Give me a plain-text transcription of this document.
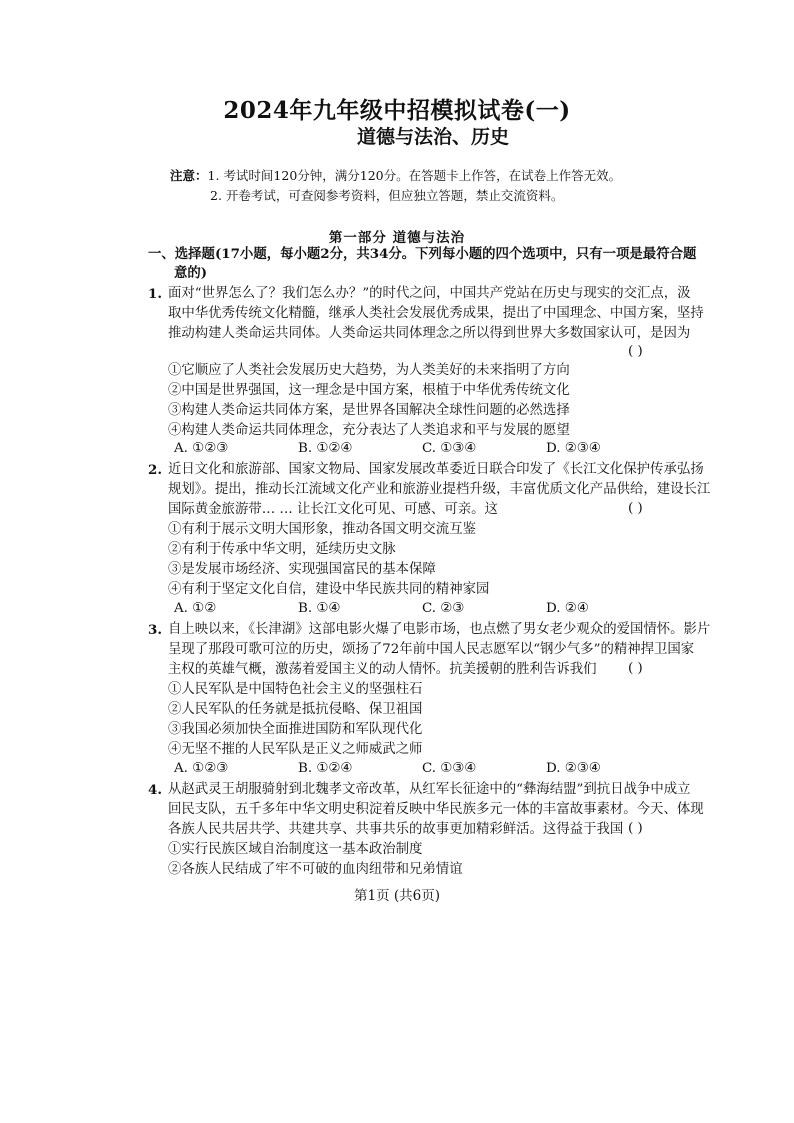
2024年九年级中招模拟试卷(一)
道德与法治、历史
注意：1. 考试时间120分钟，满分120分。在答题卡上作答，在试卷上作答无效。
2. 开卷考试，可查阅参考资料，但应独立答题，禁止交流资料。
第一部分 道德与法治
一、选择题(17小题，每小题2分，共34分。下列每小题的四个选项中，只有一项是最符合题
意的)
1. 面对“世界怎么了？我们怎么办？”的时代之问，中国共产党站在历史与现实的交汇点，汲
取中华优秀传统文化精髓，继承人类社会发展优秀成果，提出了中国理念、中国方案，坚持
推动构建人类命运共同体。人类命运共同体理念之所以得到世界大多数国家认可，是因为
( )
①它顺应了人类社会发展历史大趋势，为人类美好的未来指明了方向
②中国是世界强国，这一理念是中国方案，根植于中华优秀传统文化
③构建人类命运共同体方案，是世界各国解决全球性问题的必然选择
④构建人类命运共同体理念，充分表达了人类追求和平与发展的愿望
A. ①②③	B. ①②④	C. ①③④	D. ②③④
2. 近日文化和旅游部、国家文物局、国家发展改革委近日联合印发了《长江文化保护传承弘扬
规划》。提出，推动长江流域文化产业和旅游业提档升级，丰富优质文化产品供给，建设长江
国际黄金旅游带… … 让长江文化可见、可感、可亲。这	( )
①有利于展示文明大国形象，推动各国文明交流互鉴
②有利于传承中华文明，延续历史文脉
③是发展市场经济、实现强国富民的基本保障
④有利于坚定文化自信，建设中华民族共同的精神家园
A. ①②	B. ①④	C. ②③	D. ②④
3. 自上映以来，《长津湖》这部电影火爆了电影市场，也点燃了男女老少观众的爱国情怀。影片
呈现了那段可歌可泣的历史，颂扬了72年前中国人民志愿军以“钢少气多”的精神捍卫国家
主权的英雄气概，激荡着爱国主义的动人情怀。抗美援朝的胜利告诉我们 ( )
①人民军队是中国特色社会主义的坚强柱石
②人民军队的任务就是抵抗侵略、保卫祖国
③我国必须加快全面推进国防和军队现代化
④无坚不摧的人民军队是正义之师威武之师
A. ①②③	B. ①②④	C. ①③④	D. ②③④
4. 从赵武灵王胡服骑射到北魏孝文帝改革，从红军长征途中的“彝海结盟”到抗日战争中成立
回民支队，五千多年中华文明史积淀着反映中华民族多元一体的丰富故事素材。今天、体现
各族人民共居共学、共建共享、共事共乐的故事更加精彩鲜活。这得益于我国 ( )
①实行民族区域自治制度这一基本政治制度
②各族人民结成了牢不可破的血肉纽带和兄弟情谊
第1页 (共6页)
